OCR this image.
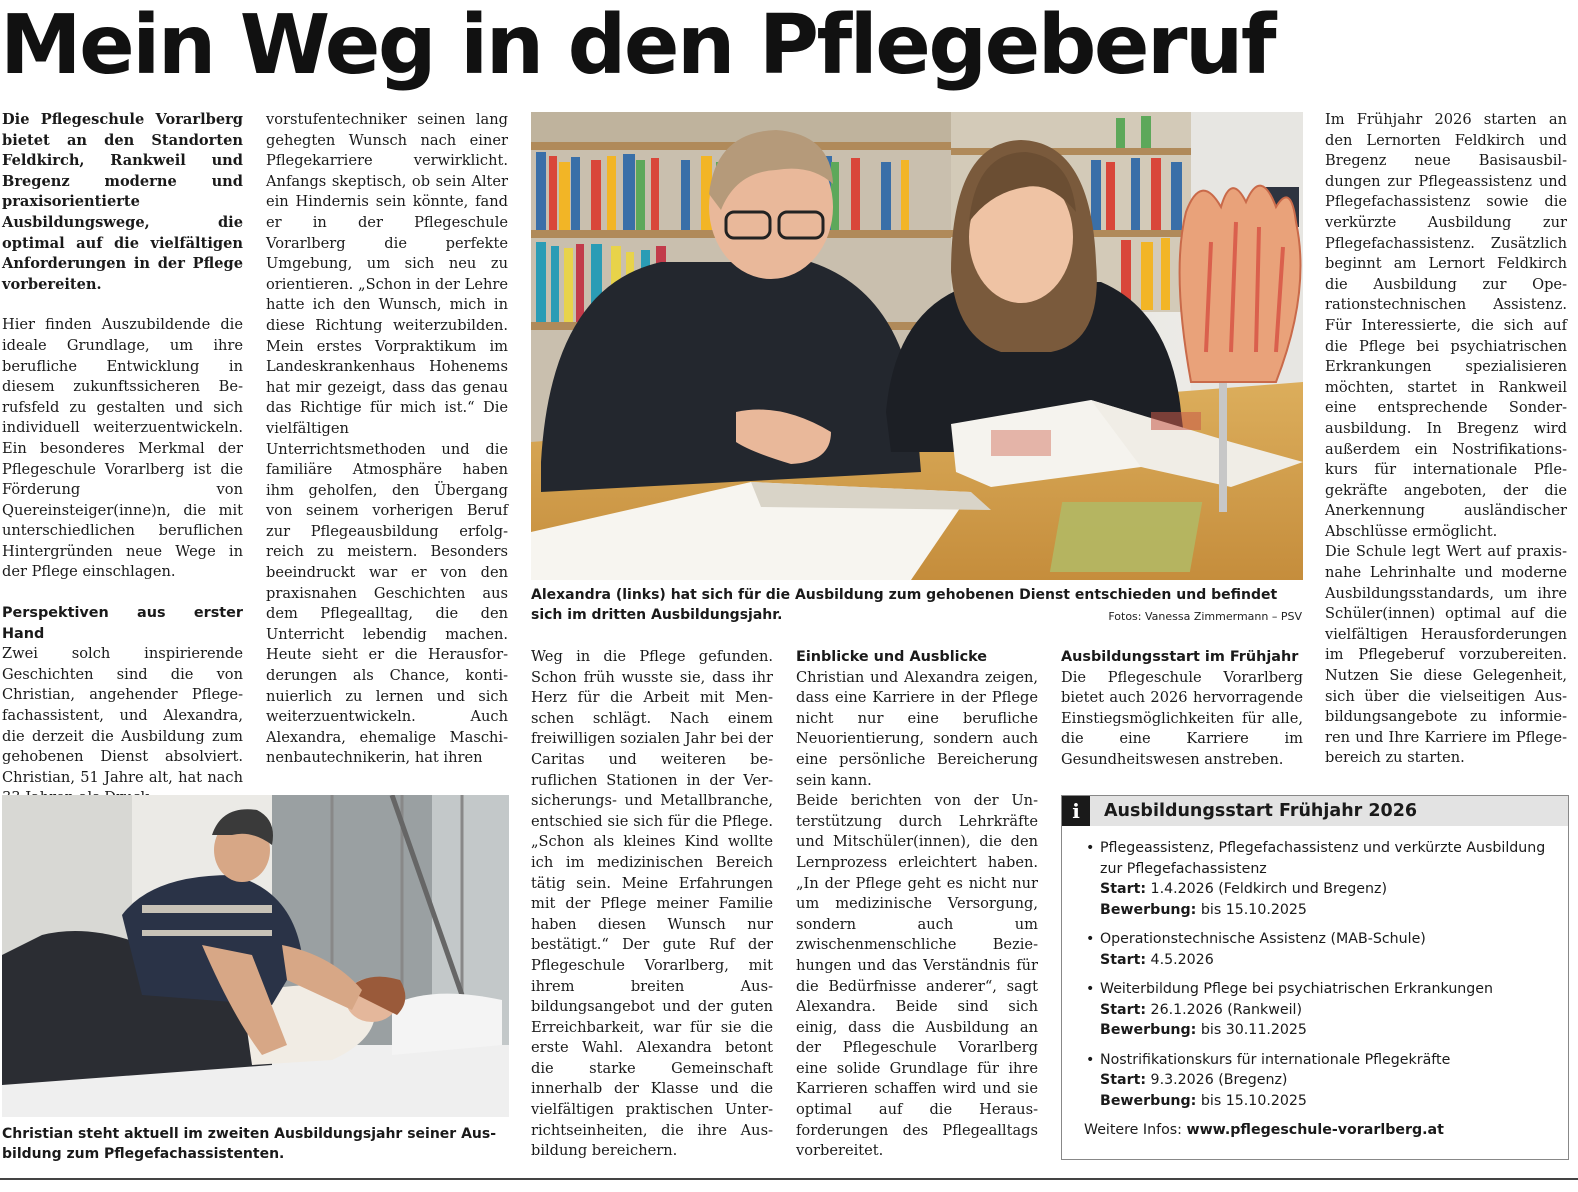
Mein Weg in den Pflegeberuf

Die Pflegeschule Vorarlberg bietet an den Standorten Feldkirch, Rankweil und Bregenz moderne und praxisorientierte Ausbildungswege, die optimal auf die vielfältigen Anforderungen in der Pflege vorbereiten.

Hier finden Auszubildende die ideale Grundlage, um ihre berufliche Entwicklung in diesem zukunftssicheren Berufsfeld zu gestalten und sich individuell weiterzuentwickeln. Ein besonderes Merkmal der Pflegeschule Vorarlberg ist die Förderung von Quereinsteiger(inne)n, die mit unterschiedlichen beruflichen Hintergründen neue Wege in der Pflege einschlagen.

Perspektiven aus erster Hand

Zwei solch inspirierende Geschichten sind die von Christian, angehender Pflegefachassistent, und Alexandra, die derzeit die Ausbildung zum gehobenen Dienst absolviert. Christian, 51 Jahre alt, hat nach

vorstufentechniker seinen lang gehegten Wunsch nach einer Pflegekarriere verwirklicht. Anfangs skeptisch, ob sein Alter ein Hindernis sein könnte, fand er in der Pflegeschule Vorarlberg die perfekte Umgebung, um sich neu zu orientieren. „Schon in der Lehre hatte ich den Wunsch, mich in diese Richtung weiterzubilden. Mein erstes Vorpraktikum im Landeskrankenhaus Hohenems hat mir gezeigt, dass das genau das Richtige für mich ist.“ Die vielfältigen Unterrichtsmethoden und die familiäre Atmosphäre haben ihm geholfen, den Übergang von seinem vorherigen Beruf zur Pflegeausbildung erfolgreich zu meistern. Besonders beeindruckt war er von den praxisnahen Geschichten aus dem Pflegealltag, die den Unterricht lebendig machen. Heute sieht er die Herausforderungen als Chance, kontinuierlich zu lernen und sich weiterzuentwickeln. Auch Alexandra, ehemalige Maschinenbautechnikerin, hat ihren

Alexandra (links) hat sich für die Ausbildung zum gehobenen Dienst entschieden und befindet sich im dritten Ausbildungsjahr.	Fotos: Vanessa Zimmermann – PSV
Christian steht aktuell im zweiten Ausbildungsjahr seiner Ausbildung zum Pflegefachassistenten.

Weg in die Pflege gefunden. Schon früh wusste sie, dass ihr Herz für die Arbeit mit Menschen schlägt. Nach einem freiwilligen sozialen Jahr bei der Caritas und weiteren beruflichen Stationen in der Versicherungs- und Metallbranche, entschied sie sich für die Pflege. „Schon als kleines Kind wollte ich im medizinischen Bereich tätig sein. Meine Erfahrungen mit der Pflege meiner Familie haben diesen Wunsch nur bestätigt.“ Der gute Ruf der Pflegeschule Vorarlberg, mit ihrem breiten Ausbildungsangebot und der guten Erreichbarkeit, war für sie die erste Wahl. Alexandra betont die starke Gemeinschaft innerhalb der Klasse und die vielfältigen praktischen Unterrichtseinheiten, die ihre Ausbildung bereichern.

Einblicke und Ausblicke

Christian und Alexandra zeigen, dass eine Karriere in der Pflege nicht nur eine berufliche Neuorientierung, sondern auch eine persönliche Bereicherung sein kann.

Beide berichten von der Unterstützung durch Lehrkräfte und Mitschüler(innen), die den Lernprozess erleichtert haben. „In der Pflege geht es nicht nur um medizinische Versorgung, sondern auch um zwischenmenschliche Beziehungen und das Verständnis für die Bedürfnisse anderer“, sagt Alexandra. Beide sind sich einig, dass die Ausbildung an der Pflegeschule Vorarlberg eine solide Grundlage für ihre Karrieren schaffen wird und sie optimal auf die Herausforderungen des Pflegealltags vorbereitet.

Ausbildungsstart im Frühjahr

Die Pflegeschule Vorarlberg bietet auch 2026 hervorragende Einstiegsmöglichkeiten für alle, die eine Karriere im Gesundheitswesen anstreben.

Im Frühjahr 2026 starten an den Lernorten Feldkirch und Bregenz neue Basisausbildungen zur Pflegeassistenz und Pflegefachassistenz sowie die verkürzte Ausbildung zur Pflegefachassistenz. Zusätzlich beginnt am Lernort Feldkirch die Ausbildung zur Operationstechnischen Assistenz. Für Interessierte, die sich auf die Pflege bei psychiatrischen Erkrankungen spezialisieren möchten, startet in Rankweil eine entsprechende Sonderausbildung. In Bregenz wird außerdem ein Nostrifikationskurs für internationale Pflegekräfte angeboten, der die Anerkennung ausländischer Abschlüsse ermöglicht.

Die Schule legt Wert auf praxisnahe Lehrinhalte und moderne Ausbildungsstandards, um ihre Schüler(innen) optimal auf die vielfältigen Herausforderungen im Pflegeberuf vorzubereiten. Nutzen Sie diese Gelegenheit, sich über die vielseitigen Ausbildungsangebote zu informieren und Ihre Karriere im Pflegebereich zu starten.

i	Ausbildungsstart Frühjahr 2026
• Pflegeassistenz, Pflegefachassistenz und verkürzte Ausbildung zur Pflegefachassistenz
Start: 1.4.2026 (Feldkirch und Bregenz)
Bewerbung: bis 15.10.2025
• Operationstechnische Assistenz (MAB-Schule)
Start: 4.5.2026
• Weiterbildung Pflege bei psychiatrischen Erkrankungen
Start: 26.1.2026 (Rankweil)
Bewerbung: bis 30.11.2025
• Nostrifikationskurs für internationale Pflegekräfte
Start: 9.3.2026 (Bregenz)
Bewerbung: bis 15.10.2025
Weitere Infos: www.pflegeschule-vorarlberg.at
